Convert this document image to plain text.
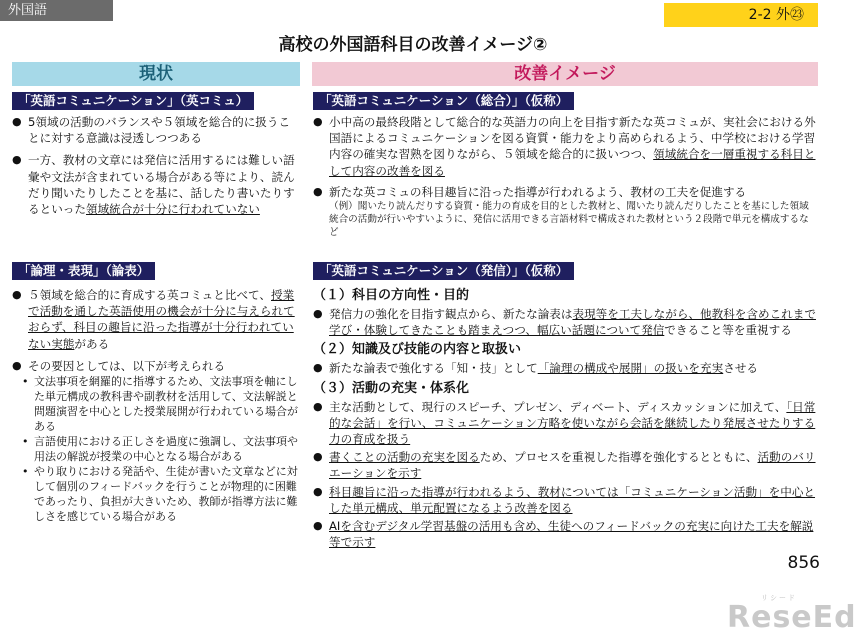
外国語	2-2 外㉓
高校の外国語科目の改善イメージ②
現状	改善イメージ
「英語コミュニケーション」（英コミュ）

● 5領域の活動のバランスや５領域を総合的に扱うことに対する意識は浸透しつつある

● 一方、教材の文章には発信に活用するには難しい語彙や文法が含まれている場合がある等により、読んだり聞いたりしたことを基に、話したり書いたりするといった領域統合が十分に行われていない

「論理・表現」（論表）

● ５領域を総合的に育成する英コミュと比べて、授業で活動を通した英語使用の機会が十分に与えられておらず、科目の趣旨に沿った指導が十分行われていない実態がある

● その要因としては、以下が考えられる

• 文法事項を網羅的に指導するため、文法事項を軸にした単元構成の教科書や副教材を活用して、文法解説と問題演習を中心とした授業展開が行われている場合がある

• 言語使用における正しさを過度に強調し、文法事項や用法の解説が授業の中心となる場合がある

• やり取りにおける発話や、生徒が書いた文章などに対して個別のフィードバックを行うことが物理的に困難であったり、負担が大きいため、教師が指導方法に難しさを感じている場合がある

「英語コミュニケーション（総合）」（仮称）

● 小中高の最終段階として総合的な英語力の向上を目指す新たな英コミュが、実社会における外国語によるコミュニケーションを図る資質・能力をより高められるよう、中学校における学習内容の確実な習熟を図りながら、５領域を総合的に扱いつつ、領域統合を一層重視する科目として内容の改善を図る

● 新たな英コミュの科目趣旨に沿った指導が行われるよう、教材の工夫を促進する

（例）聞いたり読んだりする資質・能力の育成を目的とした教材と、聞いたり読んだりしたことを基にした領域統合の活動が行いやすいように、発信に活用できる言語材料で構成された教材という２段階で単元を構成するなど

「英語コミュニケーション（発信）」（仮称）

（１）科目の方向性・目的

● 発信力の強化を目指す観点から、新たな論表は表現等を工夫しながら、他教科を含めこれまで学び・体験してきたことも踏まえつつ、幅広い話題について発信できること等を重視する

（２）知識及び技能の内容と取扱い

● 新たな論表で強化する「知・技」として「論理の構成や展開」の扱いを充実させる

（３）活動の充実・体系化

● 主な活動として、現行のスピーチ、プレゼン、ディベート、ディスカッションに加えて、「日常的な会話」を行い、コミュニケーション方略を使いながら会話を継続したり発展させたりする力の育成を扱う

● 書くことの活動の充実を図るため、プロセスを重視した指導を強化するとともに、活動のバリエーションを示す

● 科目趣旨に沿った指導が行われるよう、教材については「コミュニケーション活動」を中心とした単元構成、単元配置になるよう改善を図る

● AIを含むデジタル学習基盤の活用も含め、生徒へのフィードバックの充実に向けた工夫を解説等で示す

856
リシード
ReseEd
